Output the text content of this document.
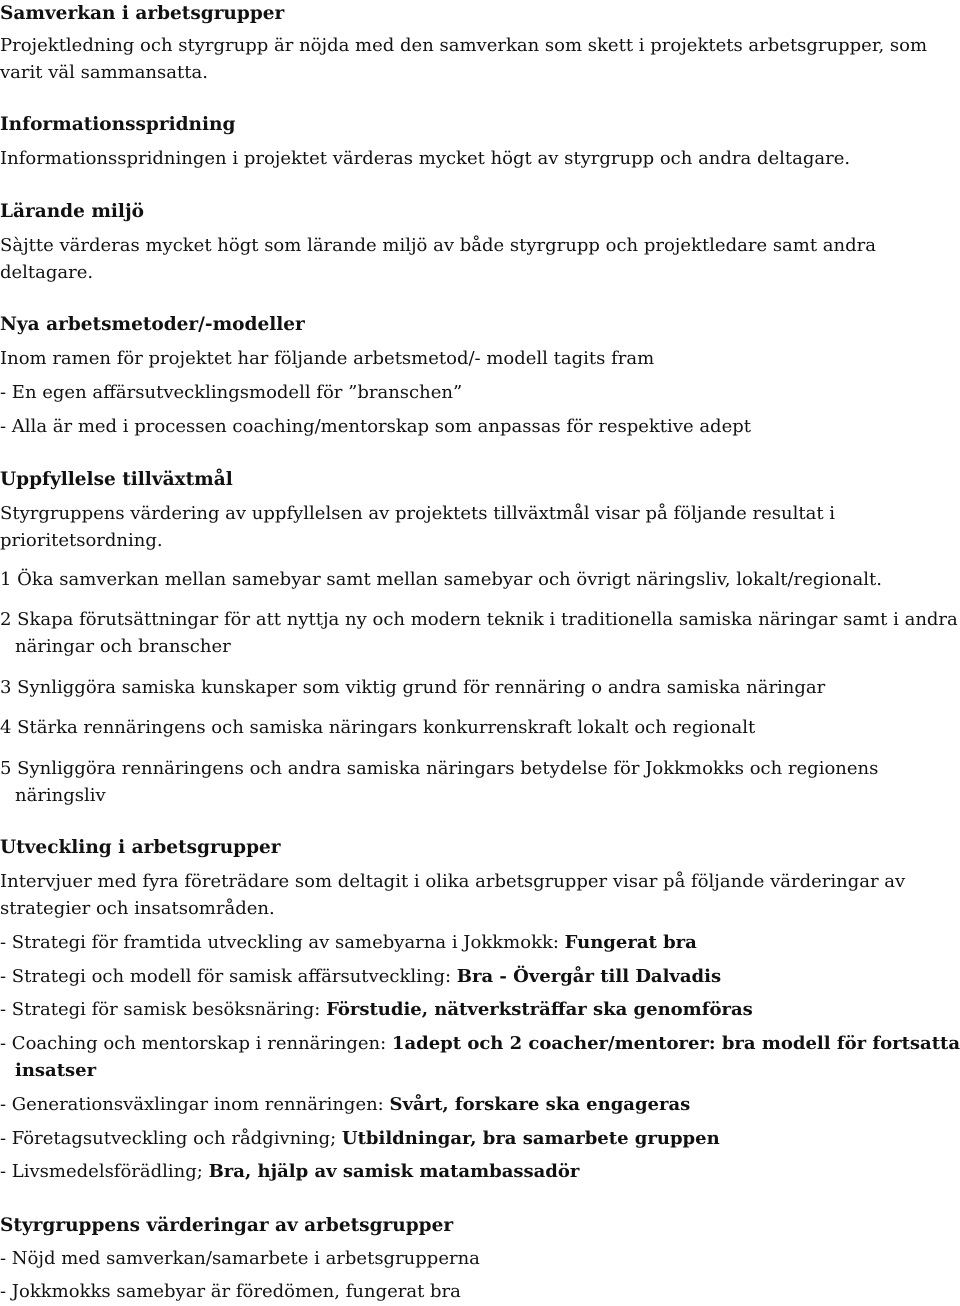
Samverkan i arbetsgrupper

Projektledning och styrgrupp är nöjda med den samverkan som skett i projektets arbetsgrupper, som varit väl sammansatta.

Informationsspridning

Informationsspridningen i projektet värderas mycket högt av styrgrupp och andra deltagare.

Lärande miljö

Sàjtte värderas mycket högt som lärande miljö av både styrgrupp och projektledare samt andra deltagare.

Nya arbetsmetoder/-modeller

Inom ramen för projektet har följande arbetsmetod/- modell tagits fram

- En egen affärsutvecklingsmodell för ”branschen”

- Alla är med i processen coaching/mentorskap som anpassas för respektive adept

Uppfyllelse tillväxtmål

Styrgruppens värdering av uppfyllelsen av projektets tillväxtmål visar på följande resultat i prioritetsordning.

1 Öka samverkan mellan samebyar samt mellan samebyar och övrigt näringsliv, lokalt/regionalt.

2 Skapa förutsättningar för att nyttja ny och modern teknik i traditionella samiska näringar samt i andra näringar och branscher

3 Synliggöra samiska kunskaper som viktig grund för rennäring o andra samiska näringar

4 Stärka rennäringens och samiska näringars konkurrenskraft lokalt och regionalt

5 Synliggöra rennäringens och andra samiska näringars betydelse för Jokkmokks och regionens näringsliv

Utveckling i arbetsgrupper

Intervjuer med fyra företrädare som deltagit i olika arbetsgrupper visar på följande värderingar av strategier och insatsområden.

- Strategi för framtida utveckling av samebyarna i Jokkmokk: Fungerat bra

- Strategi och modell för samisk affärsutveckling: Bra - Övergår till Dalvadis

- Strategi för samisk besöksnäring: Förstudie, nätverksträffar ska genomföras

- Coaching och mentorskap i rennäringen: 1adept och 2 coacher/mentorer: bra modell för fortsatta insatser

- Generationsväxlingar inom rennäringen: Svårt, forskare ska engageras

- Företagsutveckling och rådgivning; Utbildningar, bra samarbete gruppen

- Livsmedelsförädling; Bra, hjälp av samisk matambassadör

Styrgruppens värderingar av arbetsgrupper

- Nöjd med samverkan/samarbete i arbetsgrupperna

- Jokkmokks samebyar är föredömen, fungerat bra
